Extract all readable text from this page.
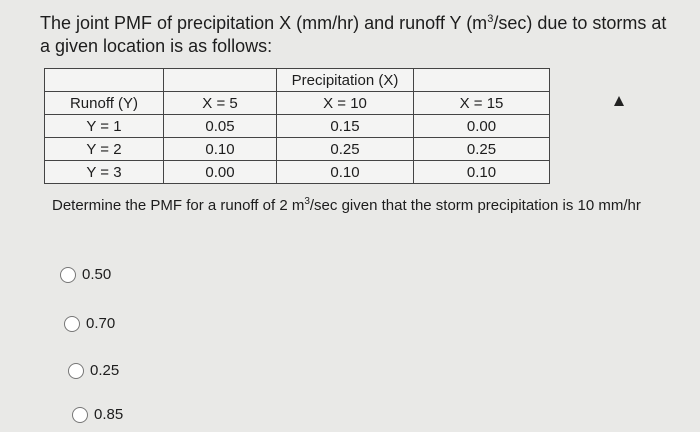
The joint PMF of precipitation X (mm/hr) and runoff Y $(m^3/\sec)$ due to storms at a given location is as follows:
		Precipitation (X)	
Runoff (Y)	X = 5	X = 10	X = 15
Y = 1	0.05	0.15	0.00
Y = 2	0.10	0.25	0.25
Y = 3	0.00	0.10	0.10
Determine the PMF for a runoff of 2 $m^3/\sec$ given that the storm precipitation is 10 mm/hr
0.50
0.70
0.25
0.85
